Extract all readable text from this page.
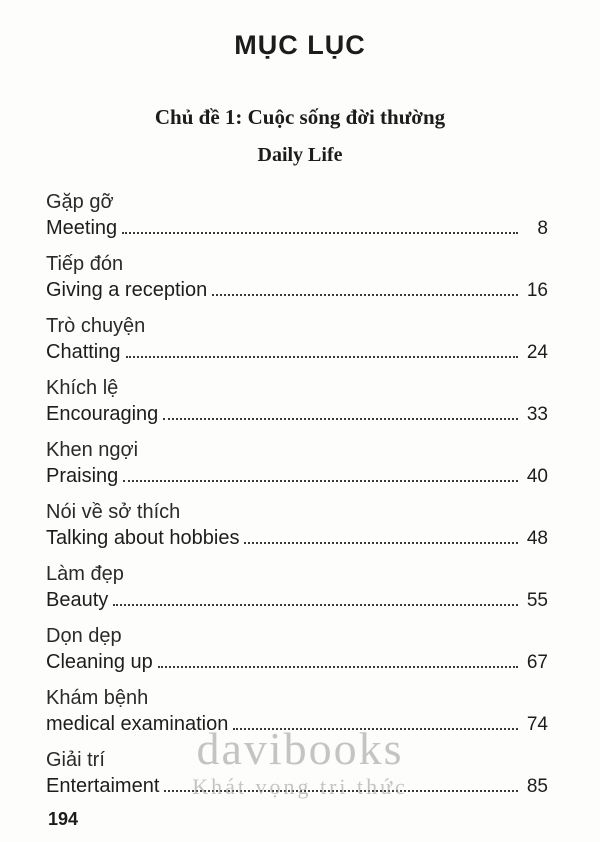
MỤC LỤC
Chủ đề 1: Cuộc sống đời thường
Daily Life
Gặp gỡ
Meeting	8
Tiếp đón
Giving a reception	16
Trò chuyện
Chatting	24
Khích lệ
Encouraging	33
Khen ngợi
Praising	40
Nói về sở thích
Talking about hobbies	48
Làm đẹp
Beauty	55
Dọn dẹp
Cleaning up	67
Khám bệnh
medical examination	74
Giải trí
Entertaiment	85
davibooks
Khát vọng tri thức
194
